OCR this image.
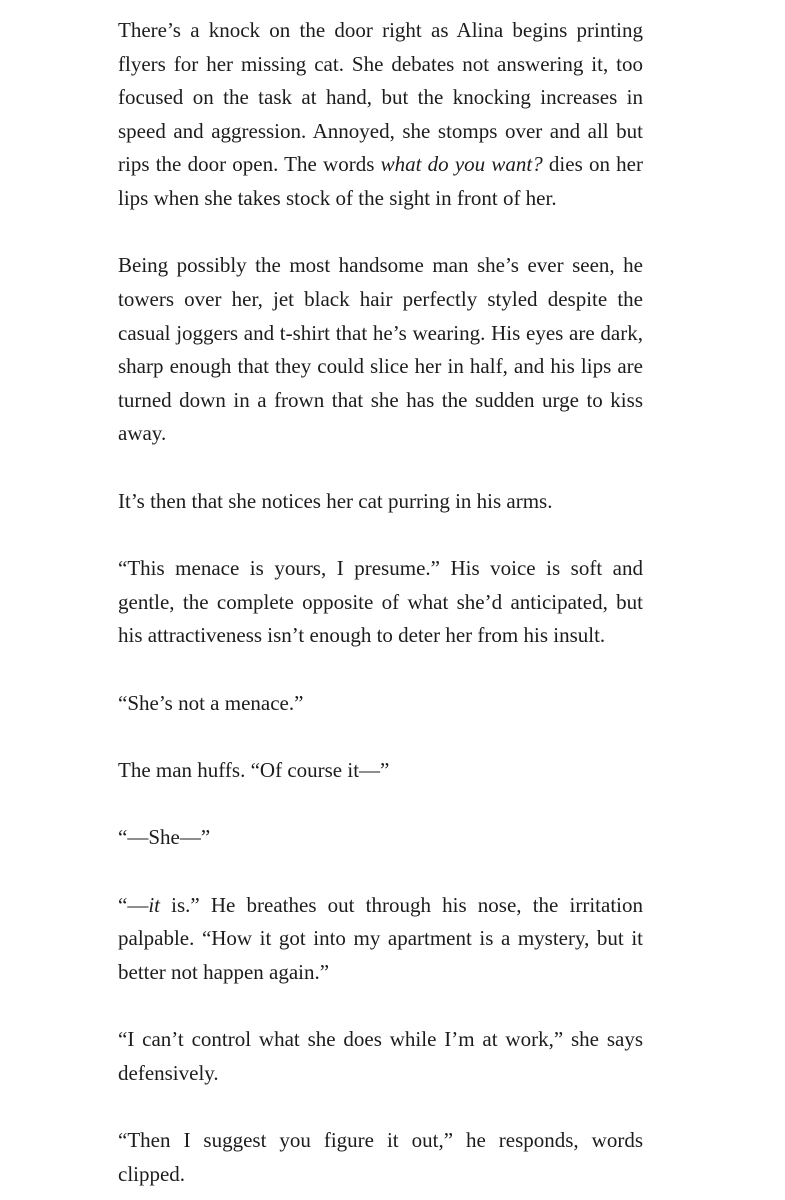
There’s a knock on the door right as Alina begins printing flyers for her missing cat. She debates not answering it, too focused on the task at hand, but the knocking increases in speed and aggression. Annoyed, she stomps over and all but rips the door open. The words what do you want? dies on her lips when she takes stock of the sight in front of her.

Being possibly the most handsome man she’s ever seen, he towers over her, jet black hair perfectly styled despite the casual joggers and t-shirt that he’s wearing. His eyes are dark, sharp enough that they could slice her in half, and his lips are turned down in a frown that she has the sudden urge to kiss away.

It’s then that she notices her cat purring in his arms.

“This menace is yours, I presume.” His voice is soft and gentle, the complete opposite of what she’d anticipated, but his attractiveness isn’t enough to deter her from his insult.

“She’s not a menace.”

The man huffs. “Of course it—”

“—She—”

“—it is.” He breathes out through his nose, the irritation palpable. “How it got into my apartment is a mystery, but it better not happen again.”

“I can’t control what she does while I’m at work,” she says defensively.

“Then I suggest you figure it out,” he responds, words clipped.
